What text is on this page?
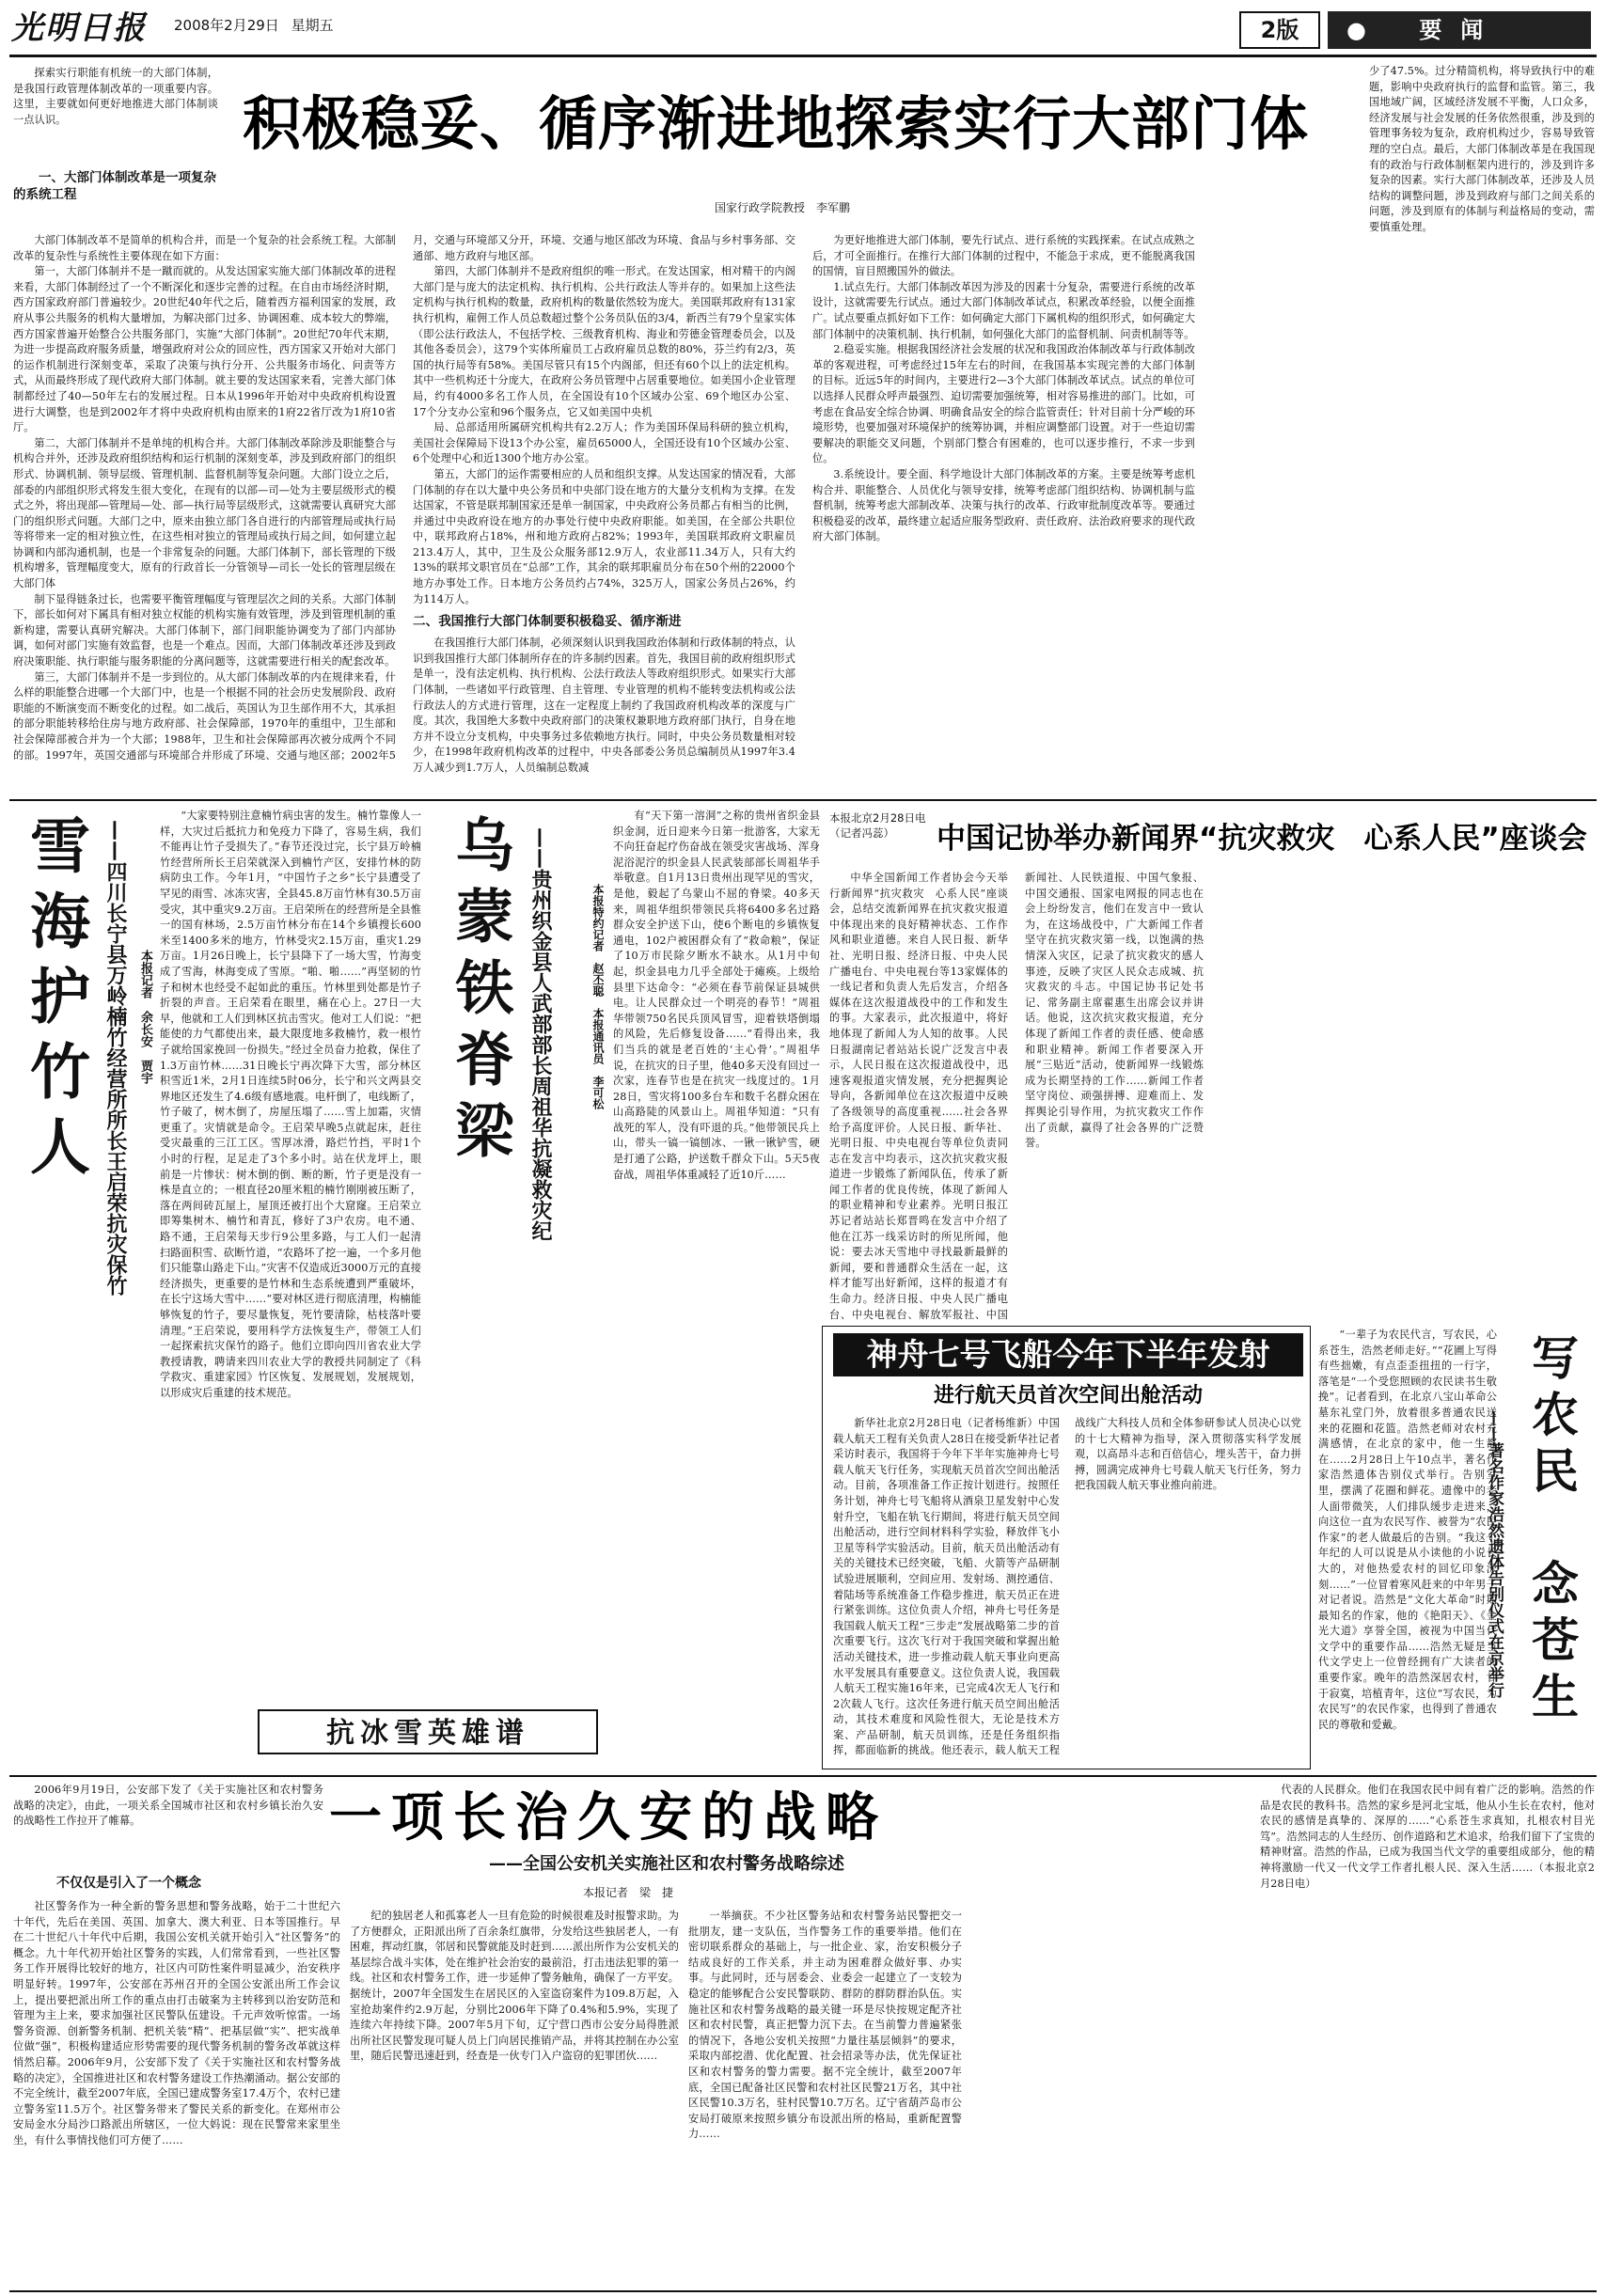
光明日报	2008年2月29日 星期五	2版	● 要闻
探索实行职能有机统一的大部门体制，是我国行政管理体制改革的一项重要内容。这里，主要就如何更好地推进大部门体制谈一点认识。	积极稳妥、循序渐进地探索实行大部门体
国家行政学院教授　李军鹏
少了47.5%。过分精简机构，将导致执行中的难题，影响中央政府执行的监督和监管。第三，我国地域广阔，区域经济发展不平衡，人口众多，经济发展与社会发展的任务依然很重，涉及到的管理事务较为复杂，政府机构过少，容易导致管理的空白点。最后，大部门体制改革是在我国现有的政治与行政体制框架内进行的，涉及到许多复杂的因素。实行大部门体制改革，还涉及人员结构的调整问题，涉及到政府与部门之间关系的问题，涉及到原有的体制与利益格局的变动，需要慎重处理。
一、大部门体制改革是一项复杂的系统工程

大部门体制改革不是简单的机构合并，而是一个复杂的社会系统工程。大部制改革的复杂性与系统性主要体现在如下方面：

第一，大部门体制并不是一蹴而就的。从发达国家实施大部门体制改革的进程来看，大部门体制经过了一个不断深化和逐步完善的过程。在自由市场经济时期，西方国家政府部门普遍较少。20世纪40年代之后，随着西方福利国家的发展，政府从事公共服务的机构大量增加，为解决部门过多、协调困难、成本较大的弊端，西方国家普遍开始整合公共服务部门，实施“大部门体制”。20世纪70年代末期，为进一步提高政府服务质量，增强政府对公众的回应性，西方国家又开始对大部门的运作机制进行深刻变革，采取了决策与执行分开、公共服务市场化、问责等方式，从而最终形成了现代政府大部门体制。就主要的发达国家来看，完善大部门体制都经过了40—50年左右的发展过程。日本从1996年开始对中央政府机构设置进行大调整，也是到2002年才将中央政府机构由原来的1府22省厅改为1府10省厅。

第二，大部门体制并不是单纯的机构合并。大部门体制改革除涉及职能整合与机构合并外，还涉及政府组织结构和运行机制的深刻变革，涉及到政府部门的组织形式、协调机制、领导层级、管理机制、监督机制等复杂问题。大部门设立之后，部委的内部组织形式将发生很大变化，在现有的以部—司—处为主要层级形式的模式之外，将出现部—管理局—处、部—执行局等层级形式，这就需要认真研究大部门的组织形式问题。大部门之中，原来由独立部门各自进行的内部管理局或执行局等将带来一定的相对独立性，在这些相对独立的管理局或执行局之间，如何建立起协调和内部沟通机制，也是一个非常复杂的问题。大部门体制下，部长管理的下级机构增多，管理幅度变大，原有的行政首长一分管领导—司长一处长的管理层级在大部门体

制下显得链条过长，也需要平衡管理幅度与管理层次之间的关系。大部门体制下，部长如何对下属具有相对独立权能的机构实施有效管理，涉及到管理机制的重新构建，需要认真研究解决。大部门体制下，部门间职能协调变为了部门内部协调，如何对部门实施有效监督，也是一个难点。因而，大部门体制改革还涉及到政府决策职能、执行职能与服务职能的分离问题等，这就需要进行相关的配套改革。

第三，大部门体制并不是一步到位的。从大部门体制改革的内在规律来看，什么样的职能整合进哪一个大部门中，也是一个根据不同的社会历史发展阶段、政府职能的不断演变而不断变化的过程。如二战后，英国认为卫生部作用不大，其承担的部分职能转移给住房与地方政府部、社会保障部，1970年的重组中，卫生部和社会保障部被合并为一个大部；1988年，卫生和社会保障部再次被分成两个不同的部。1997年，英国交通部与环境部合并形成了环境、交通与地区部；2002年5月，交通与环境部又分开，环境、交通与地区部改为环境、食品与乡村事务部、交通部、地方政府与地区部。

第四，大部门体制并不是政府组织的唯一形式。在发达国家，相对精干的内阁大部门是与庞大的法定机构、执行机构、公共行政法人等并存的。如果加上这些法定机构与执行机构的数量，政府机构的数量依然较为庞大。美国联邦政府有131家执行机构，雇佣工作人员总数超过整个公务员队伍的3/4，新西兰有79个皇家实体（即公法行政法人，不包括学校、三级教育机构、海业和劳德金管理委员会，以及其他各委员会），这79个实体所雇员工占政府雇员总数的80%，芬兰约有2/3，英国的执行局等有58%。美国尽管只有15个内阁部，但还有60个以上的法定机构。其中一些机构还十分庞大，在政府公务员管理中占居重要地位。如美国小企业管理局，约有4000多名工作人员，在全国设有10个区域办公室、69个地区办公室、17个分支办公室和96个服务点，它又如美国中央机

局、总部适用所属研究机构共有2.2万人；作为美国环保局科研的独立机构，美国社会保障局下设13个办公室，雇员65000人，全国还设有10个区域办公室、6个处理中心和近1300个地方办公室。

第五，大部门的运作需要相应的人员和组织支撑。从发达国家的情况看，大部门体制的存在以大量中央公务员和中央部门设在地方的大量分支机构为支撑。在发达国家，不管是联邦制国家还是单一制国家，中央政府公务员都占有相当的比例，并通过中央政府设在地方的办事处行使中央政府职能。如美国，在全部公共职位中，联邦政府占18%，州和地方政府占82%；1993年，美国联邦政府文职雇员213.4万人，其中，卫生及公众服务部12.9万人，农业部11.34万人，只有大约13%的联邦文职官员在“总部”工作，其余的联邦职雇员分布在50个州的22000个地方办事处工作。日本地方公务员约占74%，325万人，国家公务员占26%，约为114万人。

二、我国推行大部门体制要积极稳妥、循序渐进

在我国推行大部门体制，必须深刻认识到我国政治体制和行政体制的特点，认识到我国推行大部门体制所存在的许多制约因素。首先，我国目前的政府组织形式是单一，没有法定机构、执行机构、公法行政法人等政府组织形式。如果实行大部门体制，一些诸如平行政管理、自主管理、专业管理的机构不能转变法机构或公法行政法人的方式进行管理，这在一定程度上制约了我国政府机构改革的深度与广度。其次，我国绝大多数中央政府部门的决策权兼职地方政府部门执行，自身在地方并不设立分支机构，中央事务过多依赖地方执行。同时，中央公务员数量相对较少，在1998年政府机构改革的过程中，中央各部委公务员总编制员从1997年3.4万人减少到1.7万人，人员编制总数减

为更好地推进大部门体制，要先行试点、进行系统的实践探索。在试点成熟之后，才可全面推行。在推行大部门体制的过程中，不能急于求成，更不能脱离我国的国情，盲目照搬国外的做法。

1.试点先行。大部门体制改革因为涉及的因素十分复杂，需要进行系统的改革设计，这就需要先行试点。通过大部门体制改革试点，积累改革经验，以便全面推广。试点要重点抓好如下工作：如何确定大部门下属机构的组织形式，如何确定大部门体制中的决策机制、执行机制，如何强化大部门的监督机制、问责机制等等。

2.稳妥实施。根据我国经济社会发展的状况和我国政治体制改革与行政体制改革的客观进程，可考虑经过15年左右的时间，在我国基本实现完善的大部门体制的目标。近远5年的时间内，主要进行2—3个大部门体制改革试点。试点的单位可以选择人民群众呼声最强烈、迫切需要加强统筹，相对容易推进的部门。比如，可考虑在食品安全综合协调、明确食品安全的综合监管责任；针对目前十分严峻的环境形势，也要加强对环境保护的统筹协调，并相应调整部门设置。对于一些迫切需要解决的职能交叉问题，个别部门整合有困难的，也可以逐步推行，不求一步到位。

3.系统设计。要全面、科学地设计大部门体制改革的方案。主要是统筹考虑机构合并、职能整合、人员优化与领导安排，统筹考虑部门组织结构、协调机制与监督机制，统筹考虑大部制改革、决策与执行的改革、行政审批制度改革等。要通过积极稳妥的改革，最终建立起适应服务型政府、责任政府、法治政府要求的现代政府大部门体制。

雪海护竹人 ——四川长宁县万岭楠竹经营所所长王启荣抗灾保竹
本报记者　余长安　贾宇
“大家要特别注意楠竹病虫害的发生。楠竹靠像人一样，大灾过后抵抗力和免疫力下降了，容易生病，我们不能再让竹子受损失了。”春节还没过完，长宁县万岭楠竹经营所所长王启荣就深入到楠竹产区，安排竹林的防病防虫工作。今年1月，“中国竹子之乡”长宁县遭受了罕见的雨雪、冰冻灾害，全县45.8万亩竹林有30.5万亩受灾，其中重灾9.2万亩。王启荣所在的经营所是全县惟一的国有林场，2.5万亩竹林分布在14个乡镇搜长600米至1400多米的地方，竹林受灾2.15万亩，重灾1.29万亩。1月26日晚上，长宁县降下了一场大雪，竹海变成了雪海，林海变成了雪原。“啪、啪……”再坚韧的竹子和树木也经受不起如此的重压。竹林里到处都是竹子折裂的声音。王启荣看在眼里，痛在心上。27日一大早，他就和工人们到林区抗击雪灾。他对工人们说：“把能使的力气都使出来，最大限度地多救楠竹，救一根竹子就给国家挽回一份损失。”经过全员奋力抢救，保住了1.3万亩竹林……31日晚长宁再次降下大雪，部分林区积雪近1米，2月1日连续5时06分，长宁和兴文两县交界地区还发生了4.6级有感地震。电杆倒了，电线断了，竹子破了，树木倒了，房屋压塌了……雪上加霜，灾情更重了。灾情就是命令。王启荣早晚5点就起床，赶往受灾最重的三江工区。雪厚冰滑，路烂竹挡，平时1个小时的行程，足足走了3个多小时。站在伏龙坪上，眼前是一片惨状：树木倒的倒、断的断，竹子更是没有一株是直立的；一根直径20厘米粗的楠竹刚刚被压断了，落在两间砖瓦屋上，屋顶还被打出个大窟窿。王启荣立即筹集树木、楠竹和青瓦，修好了3户农房。电不通、路不通，王启荣每天步行9公里多路，与工人们一起清扫路面积雪、砍断竹道，“农路坏了挖一遍，一个多月他们只能靠山路走下山。”灾害不仅造成近3000万元的直接经济损失，更重要的是竹林和生态系统遭到严重破坏，在长宁这场大雪中……“要对林区进行彻底清理，构楠能够恢复的竹子，要尽量恢复，死竹要清除，枯枝落叶要清理。”王启荣说，要用科学方法恢复生产，带领工人们一起探索抗灾保竹的路子。他们立即向四川省农业大学教授请教，聘请来四川农业大学的教授共同制定了《科学救灾、重建家园》竹区恢复、发展规划，发展规划，以形成灾后重建的技术规范。
乌蒙铁脊梁 ——贵州织金县人武部部长周祖华抗凝救灾纪
本报特约记者　赵丕聪　本报通讯员　李可松
有“天下第一溶洞”之称的贵州省织金县织金洞，近日迎来今日第一批游客，大家无不向狂奋起疗伤奋战在领受灾害战场、浑身泥浴泥泞的织金县人民武装部部长周祖华手举敬意。自1月13日贵州出现罕见的雪灾，是他，毅起了乌蒙山不屈的脊梁。40多天来，周祖华组织带领民兵将6400多名过路群众安全护送下山，使6个断电的乡镇恢复通电，102户被困群众有了“救命粮”，保证了10万市民除夕断水不缺水。从1月中旬起，织金县电力几乎全部处于瘫痪。上级给县里下达命令：“必须在春节前保证县城供电。让人民群众过一个明亮的春节！”周祖华带领750名民兵顶风冒雪，迎着铁塔倒塌的风险，先后修复设备……“看得出来，我们当兵的就是老百姓的‘主心骨’。”周祖华说，在抗灾的日子里，他40多天没有回过一次家，连春节也是在抗灾一线度过的。1月28日，雪灾将100多台车和数千名群众困在山高路陡的风景山上。周祖华知道：“只有战死的军人，没有吓退的兵。”他带领民兵上山，带头一镐一镐刨冰、一锹一锹铲雪，硬是打通了公路，护送数千群众下山。5天5夜奋战，周祖华体重减轻了近10斤……
抗冰雪英雄谱
中国记协举办新闻界“抗灾救灾　心系人民”座谈会
本报北京2月28日电（记者冯蕊）
中华全国新闻工作者协会今天举行新闻界“抗灾救灾　心系人民”座谈会，总结交流新闻界在抗灾救灾报道中体现出来的良好精神状态、工作作风和职业道德。来自人民日报、新华社、光明日报、经济日报、中央人民广播电台、中央电视台等13家媒体的一线记者和负责人先后发言，介绍各媒体在这次报道战役中的工作和发生的事。大家表示，此次报道中，将好地体现了新闻人为人知的故事。人民日报湖南记者站站长说广泛发言中表示，人民日报在这次报道战役中，迅速客观报道灾情发展，充分把握舆论导向，各新闻单位在这次报道中反映了各级领导的高度重视……社会各界给予高度评价。人民日报、新华社、光明日报、中央电视台等单位负责同志在发言中均表示，这次抗灾救灾报道进一步锻炼了新闻队伍，传承了新闻工作者的优良传统，体现了新闻人的职业精神和专业素养。光明日报江苏记者站站长郑晋鸣在发言中介绍了他在江苏一线采访时的所见所闻，他说：要去冰天雪地中寻找最新最鲜的新闻，要和普通群众生活在一起，这样才能写出好新闻，这样的报道才有生命力。经济日报、中央人民广播电台、中央电视台、解放军报社、中国新闻社、人民铁道报、中国气象报、中国交通报、国家电网报的同志也在会上纷纷发言，他们在发言中一致认为，在这场战役中，广大新闻工作者坚守在抗灾救灾第一线，以饱满的热情深入灾区，记录了抗灾救灾的感人事迹，反映了灾区人民众志成城、抗灾救灾的斗志。中国记协书记处书记、常务副主席翟惠生出席会议并讲话。他说，这次抗灾救灾报道，充分体现了新闻工作者的责任感、使命感和职业精神。新闻工作者要深入开展“三贴近”活动，使新闻界一线锻炼成为长期坚持的工作……新闻工作者坚守岗位、顽强拼搏、迎难而上、发挥舆论引导作用，为抗灾救灾工作作出了贡献，赢得了社会各界的广泛赞誉。
神舟七号飞船今年下半年发射
进行航天员首次空间出舱活动
新华社北京2月28日电（记者杨维新）中国载人航天工程有关负责人28日在接受新华社记者采访时表示，我国将于今年下半年实施神舟七号载人航天飞行任务，实现航天员首次空间出舱活动。目前，各项准备工作正按计划进行。按照任务计划，神舟七号飞船将从酒泉卫星发射中心发射升空，飞船在轨飞行期间，将进行航天员空间出舱活动，进行空间材料科学实验，释放伴飞小卫星等科学实验活动。目前，航天员出舱活动有关的关键技术已经突破，飞船、火箭等产品研制试验进展顺利，空间应用、发射场、测控通信、着陆场等系统准备工作稳步推进，航天员正在进行紧张训练。这位负责人介绍，神舟七号任务是我国载人航天工程“三步走”发展战略第二步的首次重要飞行。这次飞行对于我国突破和掌握出舱活动关键技术，进一步推动载人航天事业向更高水平发展具有重要意义。这位负责人说，我国载人航天工程实施16年来，已完成4次无人飞行和2次载人飞行。这次任务进行航天员空间出舱活动，其技术难度和风险性很大，无论是技术方案、产品研制，航天员训练，还是任务组织指挥，都面临新的挑战。他还表示，载人航天工程战线广大科技人员和全体参研参试人员决心以党的十七大精神为指导，深入贯彻落实科学发展观，以高昂斗志和百倍信心，埋头苦干，奋力拼搏，圆满完成神舟七号载人航天飞行任务，努力把我国载人航天事业推向前进。
“一辈子为农民代言，写农民，心系苍生，浩然老师走好。”“花圃上写得有些拙嫩，有点歪歪扭扭的一行字，落笔是“一个受您照顾的农民读书生敬挽”。记者看到，在北京八宝山革命公墓东礼堂门外，放着很多普通农民送来的花圈和花篮。浩然老师对农村充满感情，在北京的家中，他一生都在……2月28日上午10点半，著名作家浩然遗体告别仪式举行。告别室里，摆满了花圈和鲜花。遗像中的老人面带微笑，人们排队缓步走进来，向这位一直为农民写作、被誉为“农民作家”的老人做最后的告别。“我这个年纪的人可以说是从小读他的小说长大的，对他热爱农村的回忆印象深刻……”一位冒着寒风赶来的中年男子对记者说。浩然是“文化大革命”时期最知名的作家，他的《艳阳天》、《金光大道》享誉全国，被视为中国当代文学中的重要作品……浩然无疑是当代文学史上一位曾经拥有广大读者的重要作家。晚年的浩然深居农村，甘于寂寞，培植青年，这位“写农民，为农民写”的农民作家，也得到了普通农民的尊敬和爱戴。	写农民　念苍生
——著名作家浩然遗体告别仪式在京举行
2006年9月19日，公安部下发了《关于实施社区和农村警务战略的决定》，由此，一项关系全国城市社区和农村乡镇长治久安的战略性工作拉开了帷幕。	一项长治久安的战略
——全国公安机关实施社区和农村警务战略综述
本报记者　梁　捷
不仅仅是引入了一个概念
社区警务作为一种全新的警务思想和警务战略，始于二十世纪六十年代，先后在美国、英国、加拿大、澳大利亚、日本等国推行。早在二十世纪八十年代中后期，我国公安机关就开始引入“社区警务”的概念。九十年代初开始社区警务的实践，人们常常看到，一些社区警务工作开展得比较好的地方，社区内可防性案件明显减少，治安秩序明显好转。1997年，公安部在苏州召开的全国公安派出所工作会议上，提出要把派出所工作的重点由打击破案为主转移到以治安防范和管理为主上来，要求加强社区民警队伍建设。千元声效听惊雷。一场警务资源、创新警务机制、把机关装“精”、把基层做“实”、把实战单位做“强”，积极构建适应形势需要的现代警务机制的警务改革就这样悄然启幕。2006年9月，公安部下发了《关于实施社区和农村警务战略的决定》，全国推进社区和农村警务建设工作热潮涌动。据公安部的不完全统计，截至2007年底，全国已建成警务室17.4万个，农村已建立警务室11.5万个。社区警务带来了警民关系的新变化。在郑州市公安局金水分局沙口路派出所辖区，一位大妈说：现在民警常来家里坐坐，有什么事情找他们可方便了……
纪的独居老人和孤寡老人一旦有危险的时候很难及时报警求助。为了方便群众，正阳派出所了百余条红旗带，分发给这些独居老人，一有困难，挥动红旗，邻居和民警就能及时赶到……派出所作为公安机关的基层综合战斗实体，处在维护社会治安的最前沿，打击违法犯罪的第一线。社区和农村警务工作，进一步延伸了警务触角，确保了一方平安。据统计，2007年全国发生在居民区的入室盗窃案件为109.8万起，入室抢劫案件约2.9万起，分别比2006年下降了0.4%和5.9%，实现了连续六年持续下降。2007年5月下旬，辽宁营口西市公安分局得胜派出所社区民警发现可疑人员上门向居民推销产品，并将其控制在办公室里，随后民警迅速赶到，经查是一伙专门入户盗窃的犯罪团伙……

一举摘获。不少社区警务站和农村警务站民警把交一批朋友，建一支队伍，当作警务工作的重要举措。他们在密切联系群众的基础上，与一批企业、家，治安积极分子结成良好的工作关系，并主动为困难群众做好事、办实事。与此同时，还与居委会、业委会一起建立了一支较为稳定的能够配合公安民警联防、群防的群防群治队伍。实施社区和农村警务战略的最关键一环是尽快按规定配齐社区和农村民警，真正把警力沉下去。在当前警力普遍紧张的情况下，各地公安机关按照“力量往基层倾斜”的要求，采取内部挖潜、优化配置、社会招录等办法，优先保证社区和农村警务的警力需要。据不完全统计，截至2007年底，全国已配备社区民警和农村社区民警21万名，其中社区民警10.3万名，驻村民警10.7万名。辽宁省葫芦岛市公安局打破原来按照乡镇分布设派出所的格局，重新配置警力……

代表的人民群众。他们在我国农民中间有着广泛的影响。浩然的作品是农民的教科书。浩然的家乡是河北宝坻，他从小生长在农村，他对农民的感情是真挚的、深厚的……“心系苍生求真知，扎根农村目光笃”。浩然同志的人生经历、创作道路和艺术追求，给我们留下了宝贵的精神财富。浩然的作品，已成为我国当代文学的重要组成部分，他的精神将激励一代又一代文学工作者扎根人民、深入生活……（本报北京2月28日电）
